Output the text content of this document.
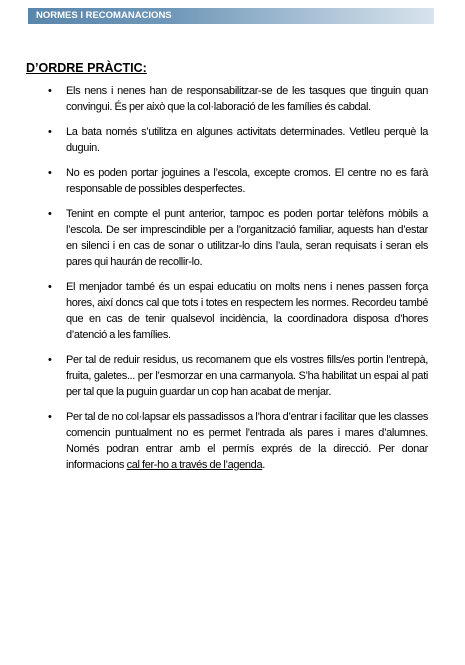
NORMES I RECOMANACIONS
D’ORDRE PRÀCTIC:
• Els nens i nenes han de responsabilitzar-se de les tasques que tinguin quan convingui. És per això que la col·laboració de les famílies és cabdal.
• La bata només s’utilitza en algunes activitats determinades. Vetlleu perquè la duguin.
• No es poden portar joguines a l’escola, excepte cromos. El centre no es farà responsable de possibles desperfectes.
• Tenint en compte el punt anterior, tampoc es poden portar telèfons mòbils a l’escola. De ser imprescindible per a l’organització familiar, aquests han d’estar en silenci i en cas de sonar o utilitzar-lo dins l’aula, seran requisats i seran els pares qui haurán de recollir-lo.
• El menjador també és un espai educatiu on molts nens i nenes passen força hores, així doncs cal que tots i totes en respectem les normes. Recordeu també que en cas de tenir qualsevol incidència, la coordinadora disposa d’hores d’atenció a les famílies.
• Per tal de reduir residus, us recomanem que els vostres fills/es portin l’entrepà, fruita, galetes... per l’esmorzar en una carmanyola. S’ha habilitat un espai al pati per tal que la puguin guardar un cop han acabat de menjar.
• Per tal de no col·lapsar els passadissos a l’hora d’entrar i facilitar que les classes comencin puntualment no es permet l’entrada als pares i mares d’alumnes. Només podran entrar amb el permís exprés de la direcció. Per donar informacions cal fer-ho a través de l’agenda.
